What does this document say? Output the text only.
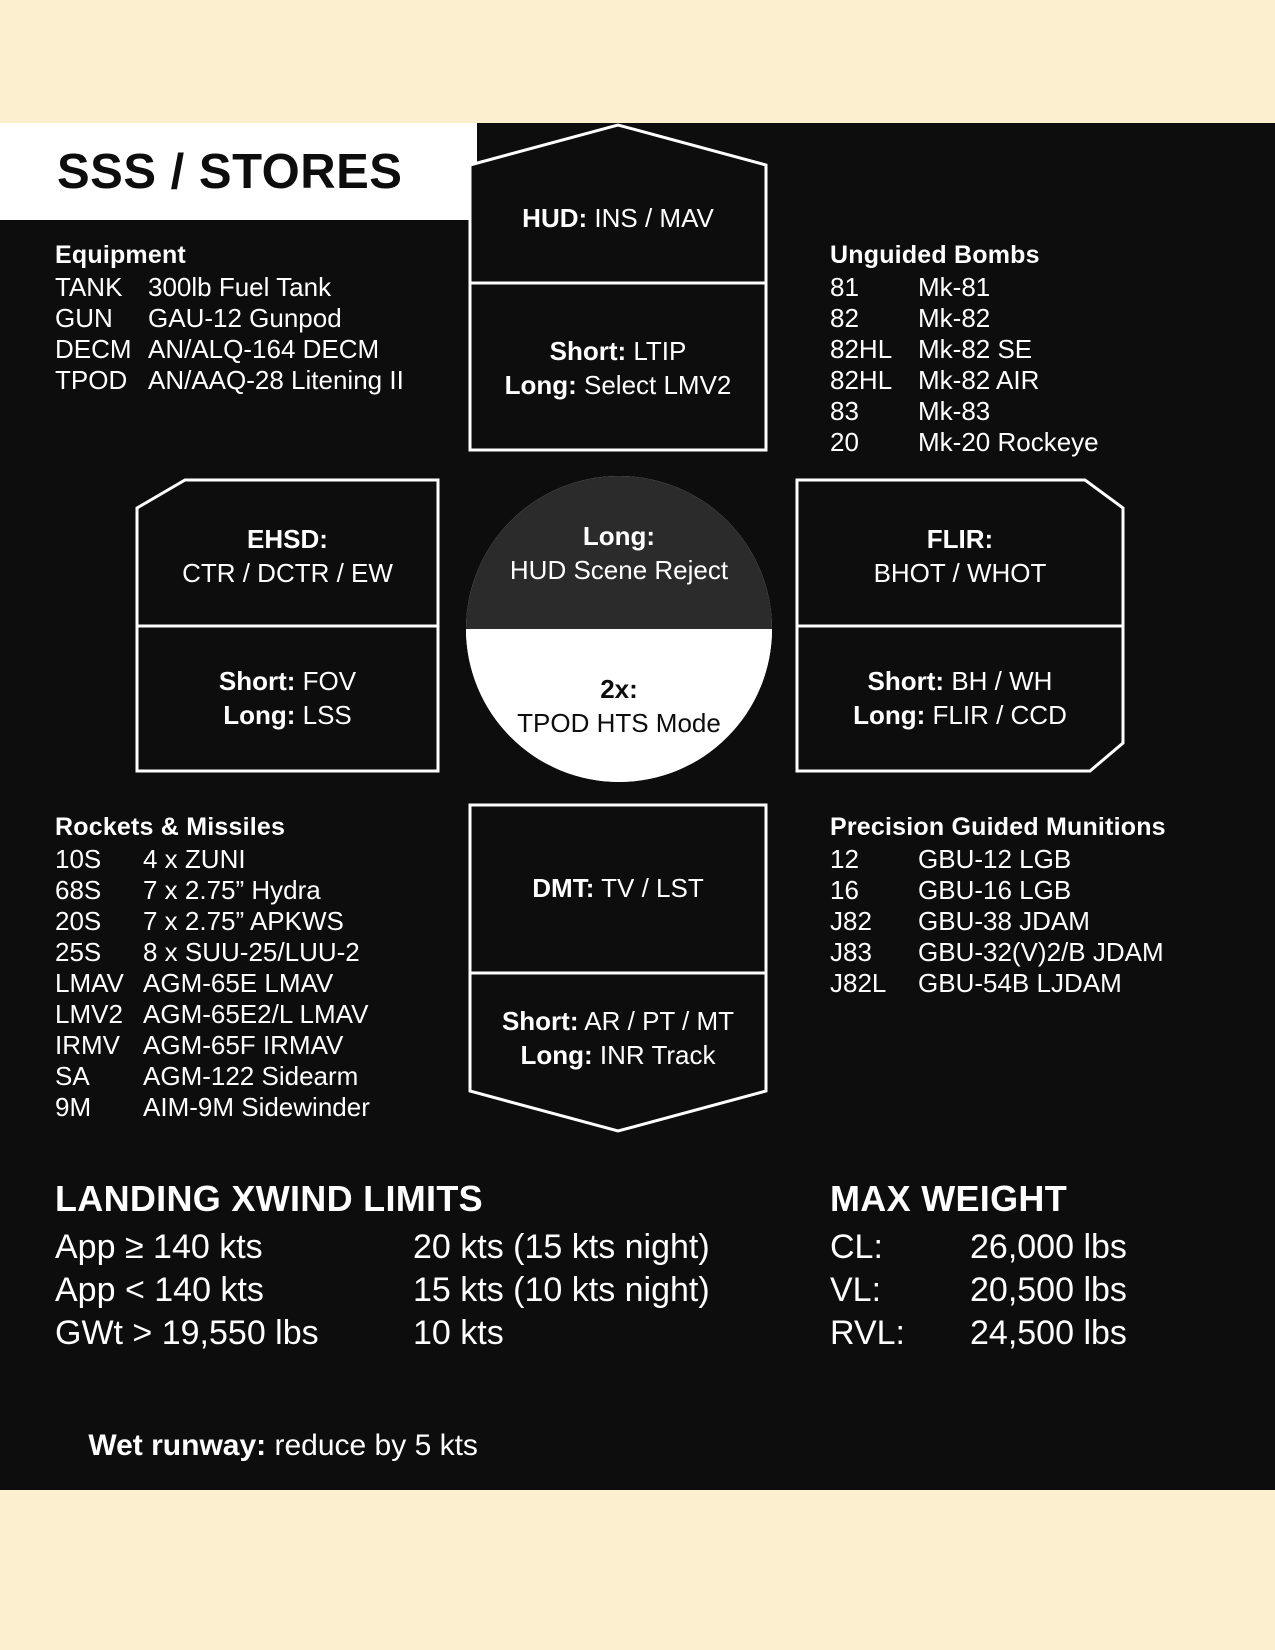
SSS / STORES
Equipment
TANK 300lb Fuel Tank
GUN	GAU-12 Gunpod
DECM AN/ALQ-164 DECM
TPOD AN/AAQ-28 Litening II
Unguided Bombs
81	Mk-81
82	Mk-82
82HL Mk-82 SE
82HL Mk-82 AIR
83	Mk-83
20	Mk-20 Rockeye
HUD: INS / MAV
Short: LTIP
Long: Select LMV2
EHSD:
CTR / DCTR / EW
Short: FOV
Long: LSS
FLIR:
BHOT / WHOT
Short: BH / WH
Long: FLIR / CCD
Long:
HUD Scene Reject
2x:
TPOD HTS Mode
DMT: TV / LST
Short: AR / PT / MT
Long: INR Track
Rockets & Missiles
10S	4 x ZUNI
68S	7 x 2.75” Hydra
20S	7 x 2.75” APKWS
25S	8 x SUU-25/LUU-2
LMAV AGM-65E LMAV
LMV2 AGM-65E2/L LMAV
IRMV AGM-65F IRMAV
SA	AGM-122 Sidearm
9M	AIM-9M Sidewinder
Precision Guided Munitions
12	GBU-12 LGB
16	GBU-16 LGB
J82	GBU-38 JDAM
J83	GBU-32(V)2/B JDAM
J82L	GBU-54B LJDAM
LANDING XWIND LIMITS
App ≥ 140 kts	20 kts (15 kts night)
App < 140 kts	15 kts (10 kts night)
GWt > 19,550 lbs	10 kts
MAX WEIGHT
CL:	26,000 lbs
VL:	20,500 lbs
RVL:	24,500 lbs

Wet runway: reduce by 5 kts
